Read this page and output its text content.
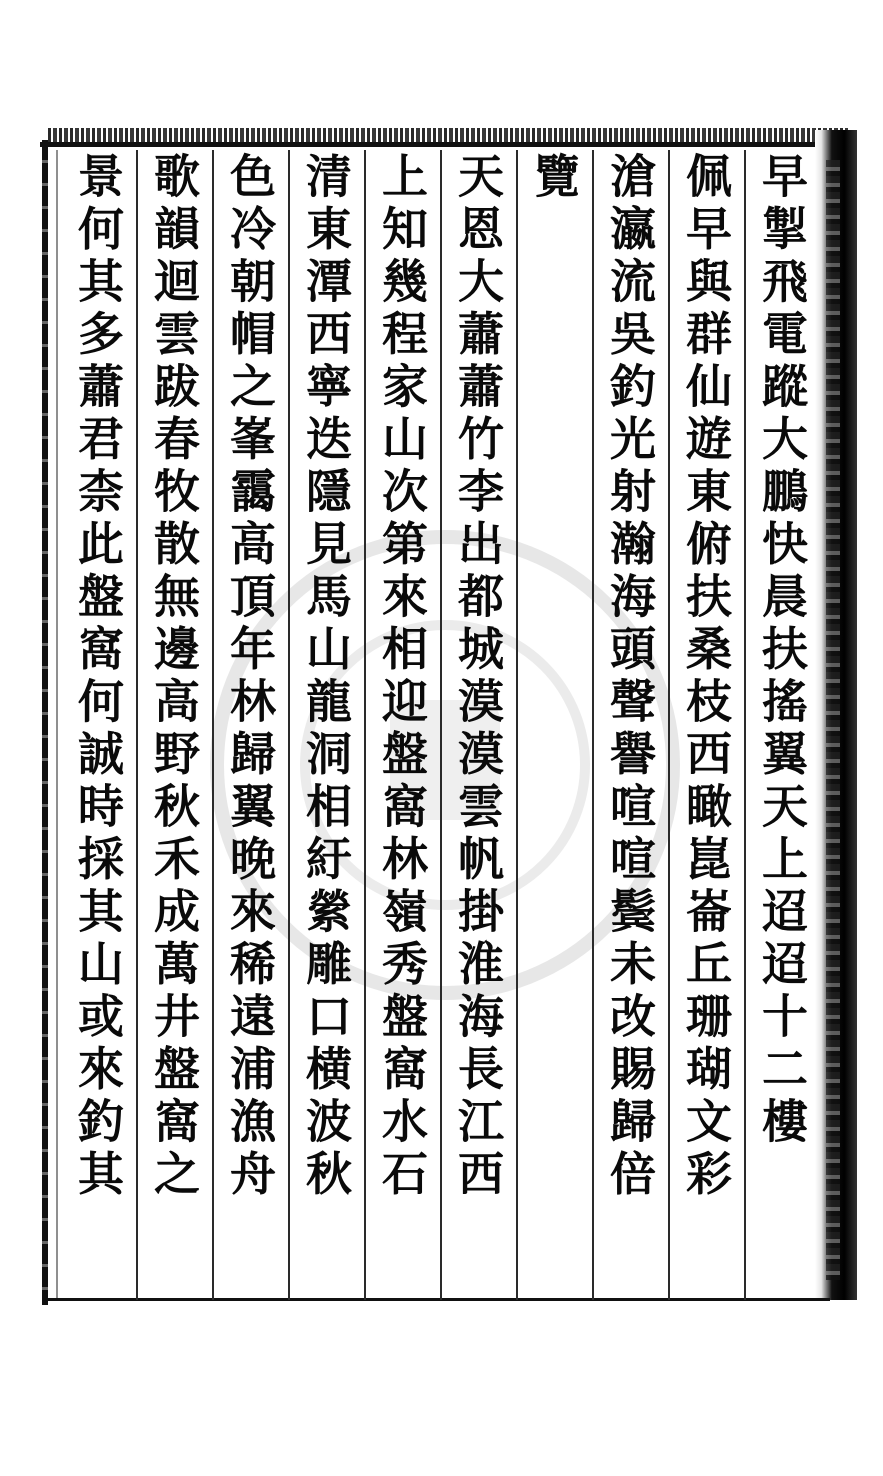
早掣飛電蹤大鵬快晨扶搖翼天上迢迢十二樓
佩早與群仙遊東俯扶桑枝西瞰崑崙丘珊瑚文彩
滄瀛流吳釣光射瀚海頭聲譽喧喧鬓未改賜歸倍
覽
天恩大蕭蕭竹李出都城漠漠雲帆掛淮海長江西
上知幾程家山次第來相迎盤窩林嶺秀盤窩水石
清東潭西寧迭隱見馬山龍洞相紆縈雕口横波秋
色冷朝帽之峯靄高頂年林歸翼晚來稀遠浦漁舟
歌韻迴雲跋春牧散無邊高野秋禾成萬井盤窩之
景何其多蕭君柰此盤窩何誠時採其山或來釣其
